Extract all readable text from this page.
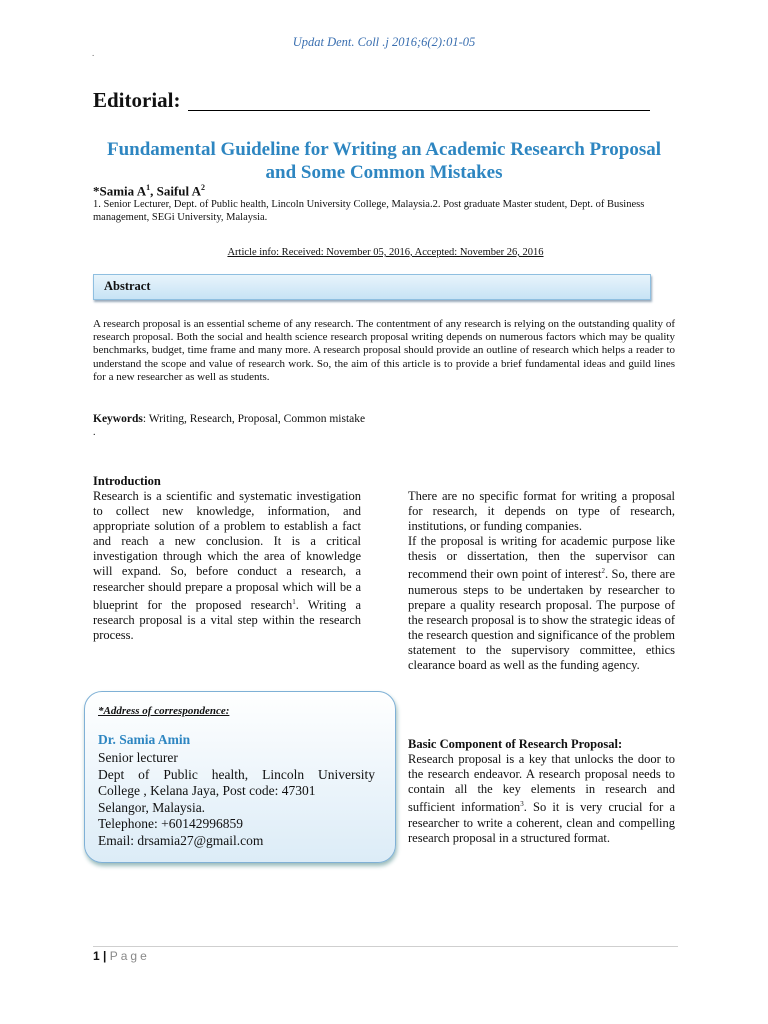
Updat Dent. Coll .j 2016;6(2):01-05
.
Editorial:
Fundamental Guideline for Writing an Academic Research Proposal and Some Common Mistakes
*Samia $A^1$, Saiful $A^2$
1. Senior Lecturer, Dept. of Public health, Lincoln University College, Malaysia.2. Post graduate Master student, Dept. of Business management, SEGi University, Malaysia.
Article info: Received: November 05, 2016, Accepted: November 26, 2016
Abstract
A research proposal is an essential scheme of any research. The contentment of any research is relying on the outstanding quality of research proposal. Both the social and health science research proposal writing depends on numerous factors which may be quality benchmarks, budget, time frame and many more. A research proposal should provide an outline of research which helps a reader to understand the scope and value of research work. So, the aim of this article is to provide a brief fundamental ideas and guild lines for a new researcher as well as students.
Keywords: Writing, Research, Proposal, Common mistake
.
Introduction
Research is a scientific and systematic investigation to collect new knowledge, information, and appropriate solution of a problem to establish a fact and reach a new conclusion. It is a critical investigation through which the area of knowledge will expand. So, before conduct a research, a researcher should prepare a proposal which will be a blueprint for the proposed research$^1$. Writing a research proposal is a vital step within the research process.
There are no specific format for writing a proposal for research, it depends on type of research, institutions, or funding companies.
If the proposal is writing for academic purpose like thesis or dissertation, then the supervisor can recommend their own point of interest$^2$. So, there are numerous steps to be undertaken by researcher to prepare a quality research proposal. The purpose of the research proposal is to show the strategic ideas of the research question and significance of the problem statement to the supervisory committee, ethics clearance board as well as the funding agency.
*Address of correspondence:
Dr. Samia Amin
Senior lecturer
Dept of Public health, Lincoln University
College , Kelana Jaya, Post code: 47301
Selangor, Malaysia.
Telephone: +60142996859
Email: drsamia27@gmail.com
Basic Component of Research Proposal:
Research proposal is a key that unlocks the door to the research endeavor. A research proposal needs to contain all the key elements in research and sufficient information$^3$. So it is very crucial for a researcher to write a coherent, clean and compelling research proposal in a structured format.
1 | Page
